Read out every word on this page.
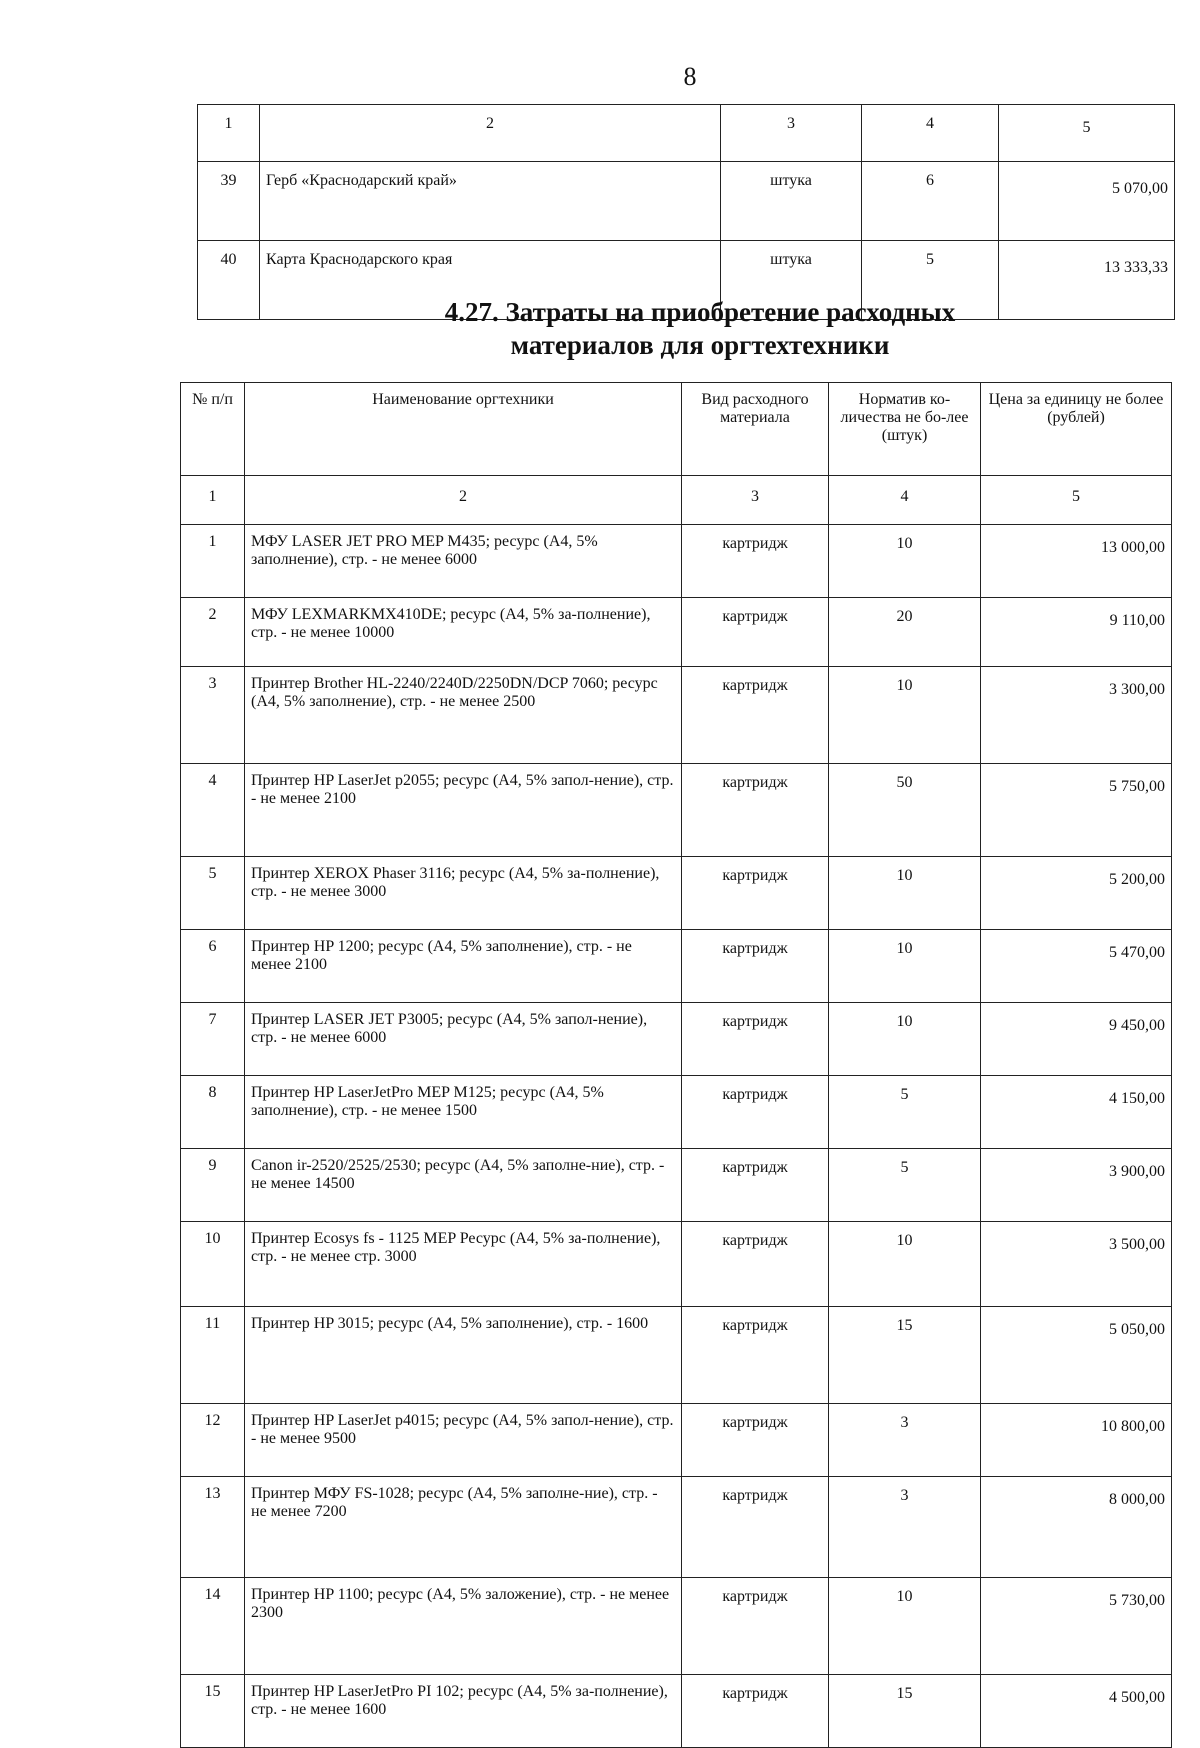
8
1	2	3	4	5
39	Герб «Краснодарский край»	штука	6	5 070,00
40	Карта Краснодарского края	штука	5	13 333,33
4.27. Затраты на приобретение расходных
материалов для оргтехтехники
№ п/п	Наименование оргтехники	Вид расходного материала	Норматив ко-личества не бо-лее (штук)	Цена за единицу не более (рублей)
1	2	3	4	5
1	МФУ LASER JET PRO MEP M435; ресурс (А4, 5% заполнение), стр. - не менее 6000	картридж	10	13 000,00
2	МФУ LEXMARKMX410DE; ресурс (А4, 5% за-полнение), стр. - не менее 10000	картридж	20	9 110,00
3	Принтер Brother HL-2240/2240D/2250DN/DCP 7060; ресурс (А4, 5% заполнение), стр. - не менее 2500	картридж	10	3 300,00
4	Принтер HP LaserJet p2055; ресурс (А4, 5% запол-нение), стр. - не менее 2100	картридж	50	5 750,00
5	Принтер XEROX Phaser 3116; ресурс (А4, 5% за-полнение), стр. - не менее 3000	картридж	10	5 200,00
6	Принтер HP 1200; ресурс (А4, 5% заполнение), стр. - не менее 2100	картридж	10	5 470,00
7	Принтер LASER JET P3005; ресурс (А4, 5% запол-нение), стр. - не менее 6000	картридж	10	9 450,00
8	Принтер HP LaserJetPro MEP M125; ресурс (А4, 5% заполнение), стр. - не менее 1500	картридж	5	4 150,00
9	Canon ir-2520/2525/2530; ресурс (А4, 5% заполне-ние), стр. - не менее 14500	картридж	5	3 900,00
10	Принтер Ecosys fs - 1125 MEP Ресурс (А4, 5% за-полнение), стр. - не менее стр. 3000	картридж	10	3 500,00
11	Принтер HP 3015; ресурс (А4, 5% заполнение), стр. - 1600	картридж	15	5 050,00
12	Принтер HP LaserJet p4015; ресурс (А4, 5% запол-нение), стр. - не менее 9500	картридж	3	10 800,00
13	Принтер МФУ FS-1028; ресурс (А4, 5% заполне-ние), стр. - не менее 7200	картридж	3	8 000,00
14	Принтер HP 1100; ресурс (А4, 5% заложение), стр. - не менее 2300	картридж	10	5 730,00
15	Принтер HP LaserJetPro PI 102; ресурс (А4, 5% за-полнение), стр. - не менее 1600	картридж	15	4 500,00
